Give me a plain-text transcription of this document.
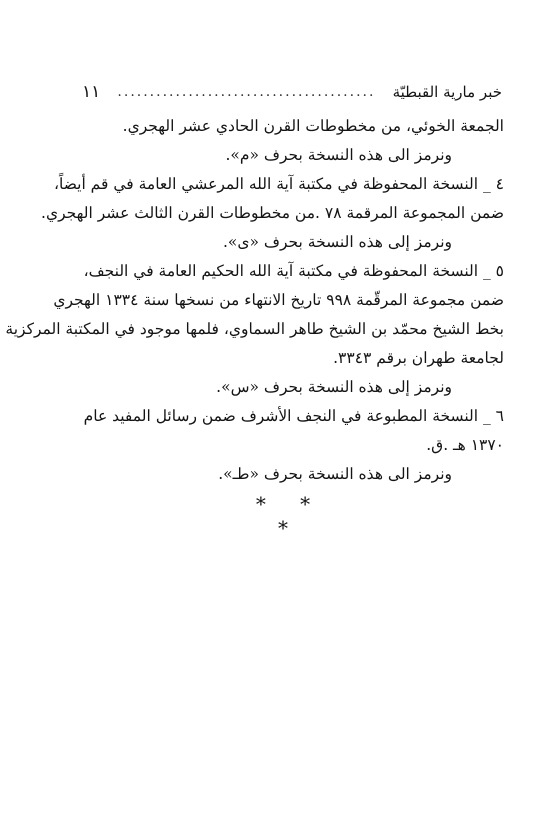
خبر مارية القبطيّة
........................................
١١
الجمعة الخوئي، من مخطوطات القرن الحادي عشر الهجري.
ونرمز الى هذه النسخة بحرف «م».
٤ _ النسخة المحفوظة في مكتبة آية الله المرعشي العامة في قم أيضاً،
ضمن المجموعة المرقمة ٧٨ .من مخطوطات القرن الثالث عشر الهجري.
ونرمز إلى هذه النسخة بحرف «ى».
٥ _ النسخة المحفوظة في مكتبة آية الله الحكيم العامة في النجف،
ضمن مجموعة المرقّمة ٩٩٨ تاريخ الانتهاء من نسخها سنة ١٣٣٤ الهجري
بخط الشيخ محمّد بن الشيخ طاهر السماوي، فلمها موجود في المكتبة المركزية
لجامعة طهران برقم ٣٣٤٣.
ونرمز إلى هذه النسخة بحرف «س».
٦ _ النسخة المطبوعة في النجف الأشرف ضمن رسائل المفيد عام
١٣٧٠ هـ .ق.
ونرمز الى هذه النسخة بحرف «طـ».
* * *
